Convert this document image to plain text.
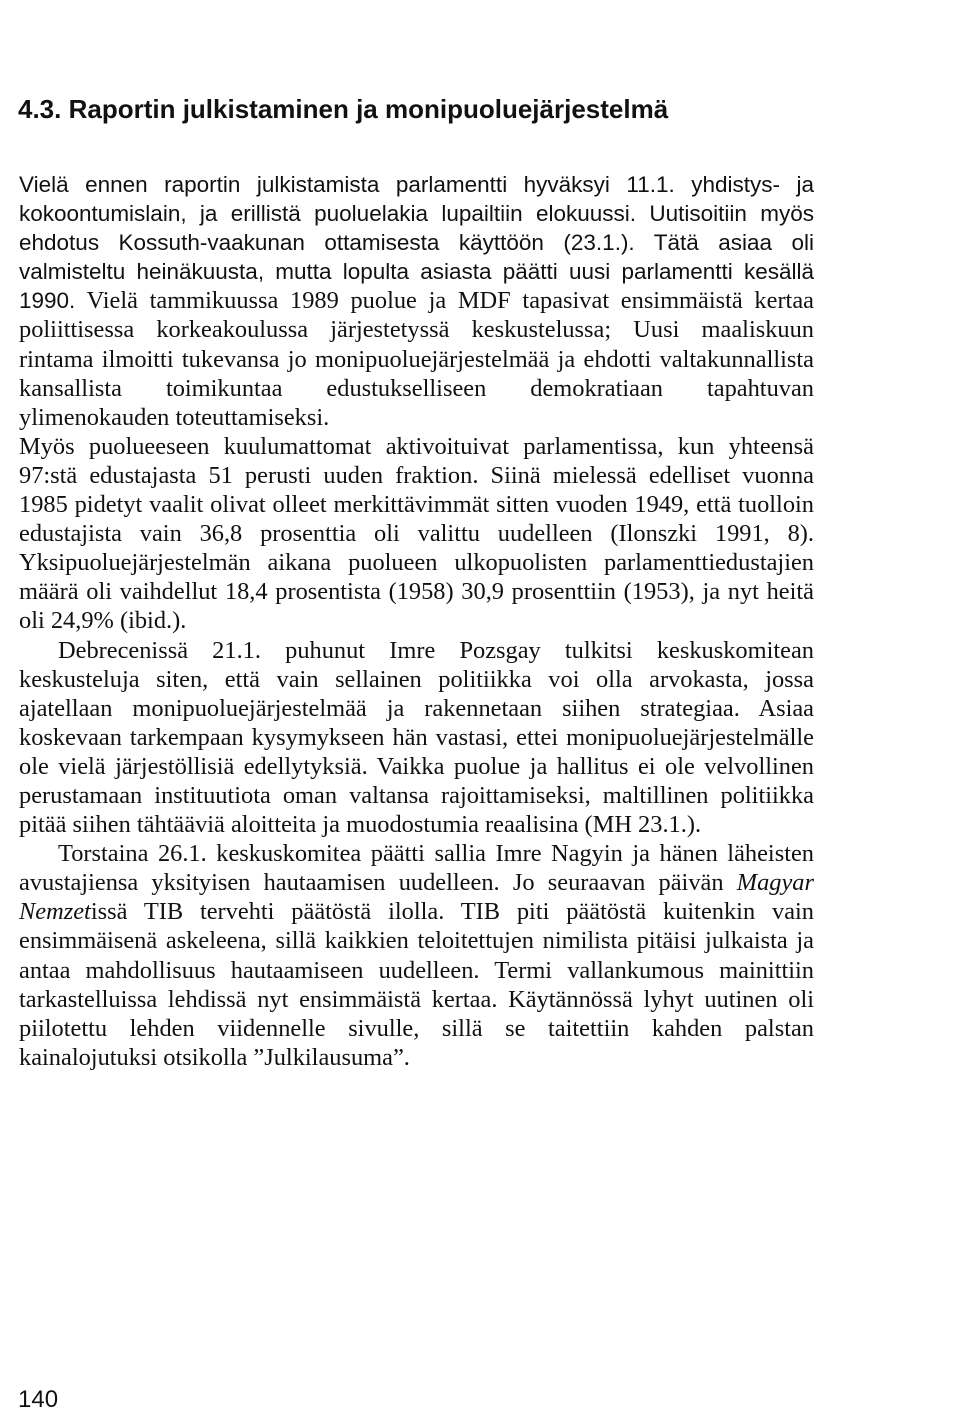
4.3. Raportin julkistaminen ja monipuoluejärjestelmä

Vielä ennen raportin julkistamista parlamentti hyväksyi 11.1. yhdistys- ja kokoontumislain, ja erillistä puoluelakia lupailtiin elokuussi. Uutisoitiin myös ehdotus Kossuth-vaakunan ottamisesta käyttöön (23.1.). Tätä asiaa oli valmisteltu heinäkuusta, mutta lopulta asiasta päätti uusi parlamentti kesällä 1990. Vielä tammikuussa 1989 puolue ja MDF tapasivat ensimmäistä kertaa poliittisessa korkeakoulussa järjestetyssä keskustelussa; Uusi maaliskuun rintama ilmoitti tukevansa jo monipuoluejärjestelmää ja ehdotti valtakunnallista kansallista toimikuntaa edustukselliseen demokratiaan tapahtuvan ylimenokauden toteuttamiseksi.

Myös puolueeseen kuulumattomat aktivoituivat parlamentissa, kun yhteensä 97:stä edustajasta 51 perusti uuden fraktion. Siinä mielessä edelliset vuonna 1985 pidetyt vaalit olivat olleet merkittävimmät sitten vuoden 1949, että tuolloin edustajista vain 36,8 prosenttia oli valittu uudelleen (Ilonszki 1991, 8). Yksipuoluejärjestelmän aikana puolueen ulkopuolisten parlamenttiedustajien määrä oli vaihdellut 18,4 prosentista (1958) 30,9 prosenttiin (1953), ja nyt heitä oli 24,9% (ibid.).

Debrecenissä 21.1. puhunut Imre Pozsgay tulkitsi keskuskomitean keskusteluja siten, että vain sellainen politiikka voi olla arvokasta, jossa ajatellaan monipuoluejärjestelmää ja rakennetaan siihen strategiaa. Asiaa koskevaan tarkempaan kysymykseen hän vastasi, ettei monipuoluejärjestelmälle ole vielä järjestöllisiä edellytyksiä. Vaikka puolue ja hallitus ei ole velvollinen perustamaan instituutiota oman valtansa rajoittamiseksi, maltillinen politiikka pitää siihen tähtääviä aloitteita ja muodostumia reaalisina (MH 23.1.).

Torstaina 26.1. keskuskomitea päätti sallia Imre Nagyin ja hänen läheisten avustajiensa yksityisen hautaamisen uudelleen. Jo seuraavan päivän Magyar Nemzetissä TIB tervehti päätöstä ilolla. TIB piti päätöstä kuitenkin vain ensimmäisenä askeleena, sillä kaikkien teloitettujen nimilista pitäisi julkaista ja antaa mahdollisuus hautaamiseen uudelleen. Termi vallankumous mainittiin tarkastelluissa lehdissä nyt ensimmäistä kertaa. Käytännössä lyhyt uutinen oli piilotettu lehden viidennelle sivulle, sillä se taitettiin kahden palstan kainalojutuksi otsikolla ”Julkilausuma”.

140
